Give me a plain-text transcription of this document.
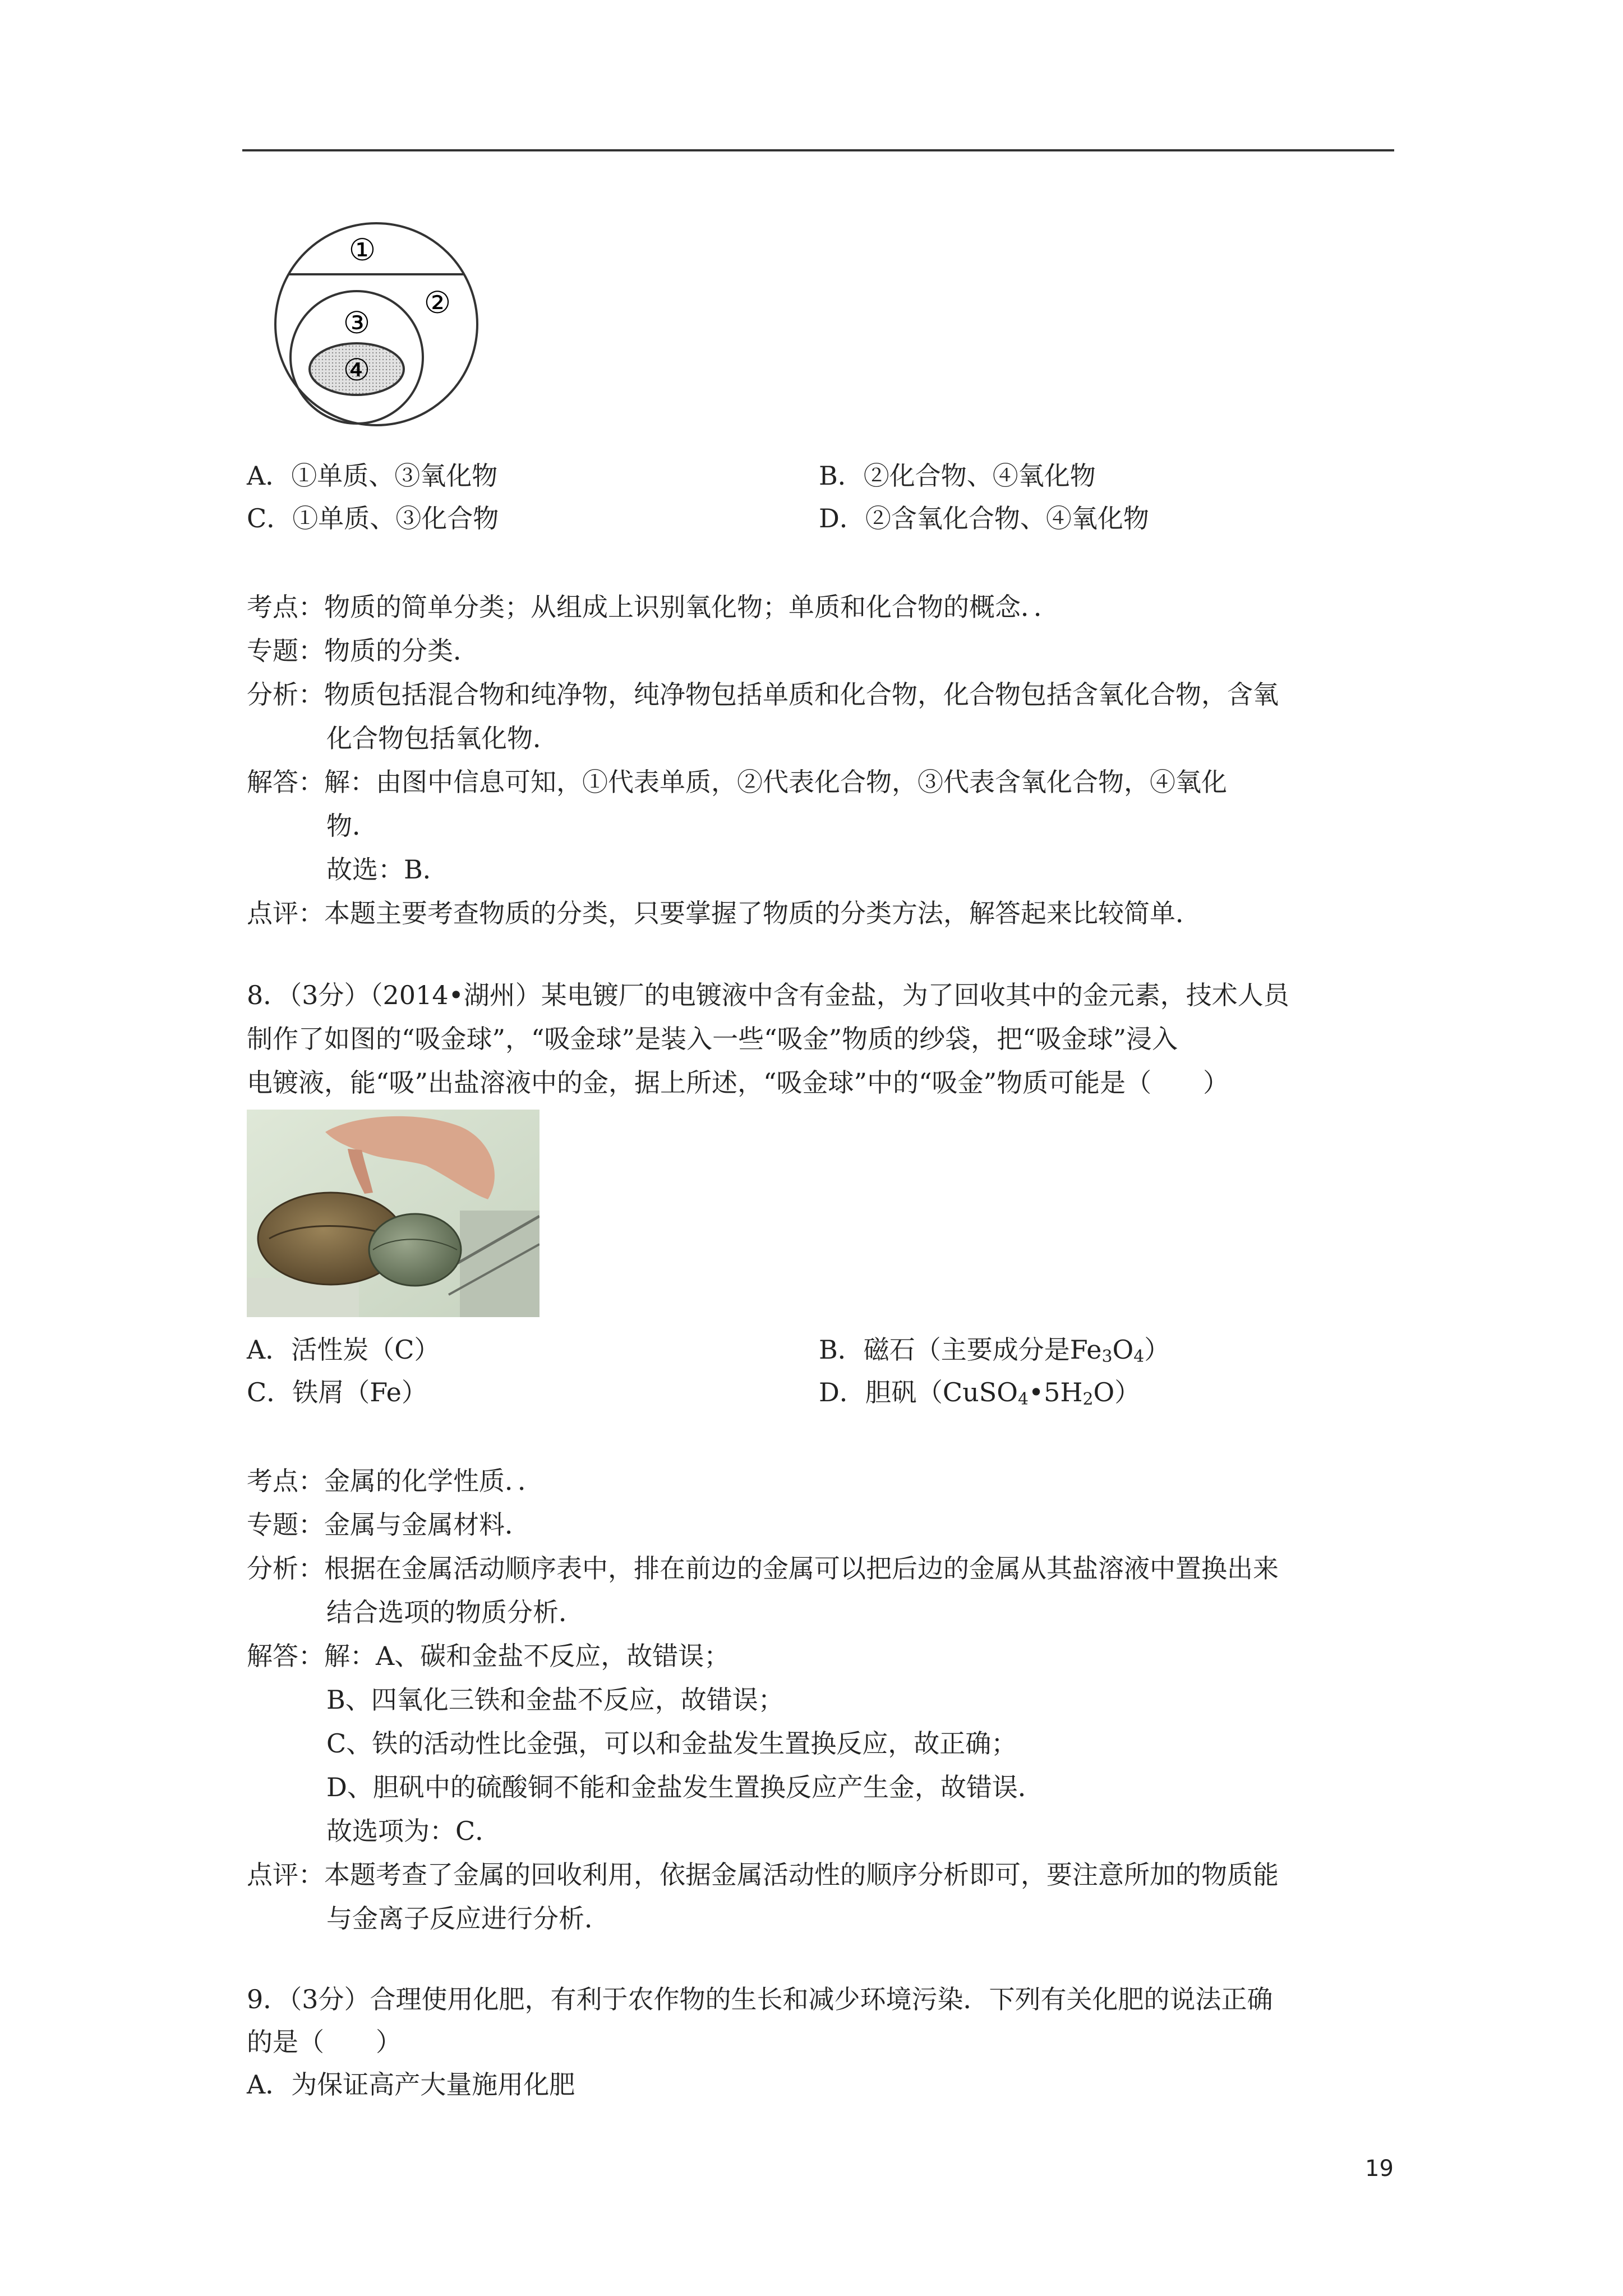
①
②
③
④
A．①单质、③氧化物	B．②化合物、④氧化物
C．①单质、③化合物	D．②含氧化合物、④氧化物
考点：物质的简单分类；从组成上识别氧化物；单质和化合物的概念．．
专题：物质的分类．
分析：物质包括混合物和纯净物，纯净物包括单质和化合物，化合物包括含氧化合物，含氧
化合物包括氧化物．
解答：解：由图中信息可知，①代表单质，②代表化合物，③代表含氧化合物，④氧化
物．
故选：B．
点评：本题主要考查物质的分类，只要掌握了物质的分类方法，解答起来比较简单．
8．（3分）（2014•湖州）某电镀厂的电镀液中含有金盐，为了回收其中的金元素，技术人员
制作了如图的“吸金球”，“吸金球”是装入一些“吸金”物质的纱袋，把“吸金球”浸入
电镀液，能“吸”出盐溶液中的金，据上所述，“吸金球”中的“吸金”物质可能是（　　）
A．活性炭（C）	B．磁石（主要成分是$Fe_3O_4$）
C．铁屑（Fe）	D．胆矾$(CuSO_4•5H_2O)$
考点：金属的化学性质．．
专题：金属与金属材料．
分析：根据在金属活动顺序表中，排在前边的金属可以把后边的金属从其盐溶液中置换出来
结合选项的物质分析．
解答：解：A、碳和金盐不反应，故错误；
B、四氧化三铁和金盐不反应，故错误；
C、铁的活动性比金强，可以和金盐发生置换反应，故正确；
D、胆矾中的硫酸铜不能和金盐发生置换反应产生金，故错误．
故选项为：C．
点评：本题考查了金属的回收利用，依据金属活动性的顺序分析即可，要注意所加的物质能
与金离子反应进行分析．
9．（3分）合理使用化肥，有利于农作物的生长和减少环境污染．下列有关化肥的说法正确
的是（　　）
A．为保证高产大量施用化肥
19
